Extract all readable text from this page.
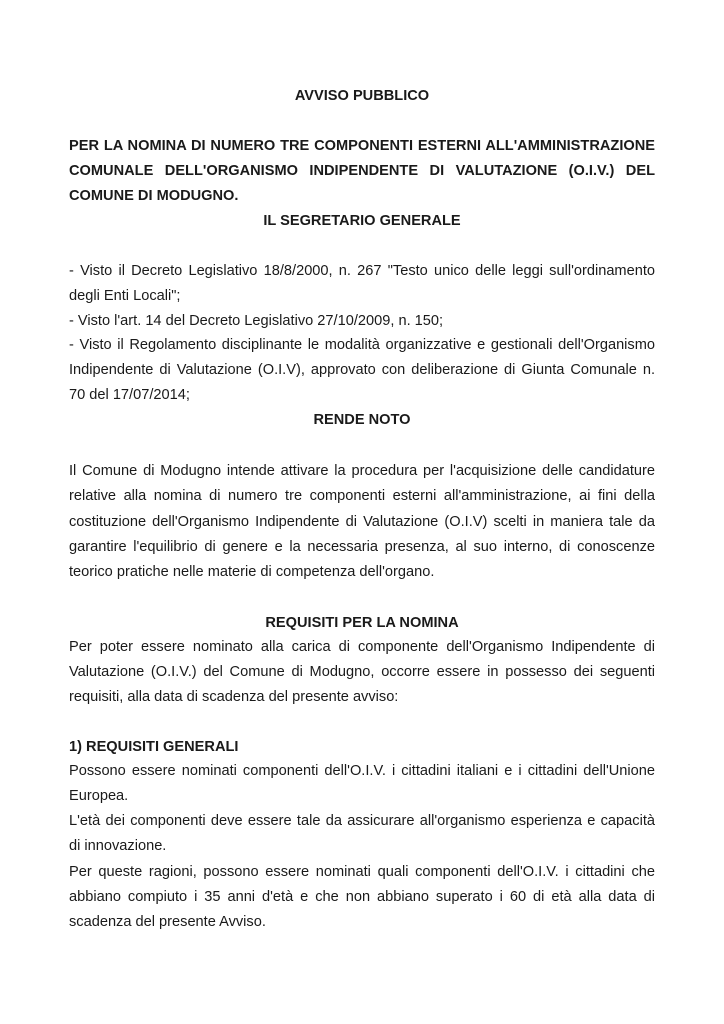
AVVISO PUBBLICO

PER LA NOMINA DI NUMERO TRE COMPONENTI ESTERNI ALL'AMMINISTRAZIONE COMUNALE DELL'ORGANISMO INDIPENDENTE DI VALUTAZIONE (O.I.V.) DEL COMUNE DI MODUGNO.

IL SEGRETARIO GENERALE

- Visto il Decreto Legislativo 18/8/2000, n. 267 "Testo unico delle leggi sull'ordinamento degli Enti Locali";

- Visto l'art. 14 del Decreto Legislativo 27/10/2009, n. 150;

- Visto il Regolamento disciplinante le modalità organizzative e gestionali dell'Organismo Indipendente di Valutazione (O.I.V), approvato con deliberazione di Giunta Comunale n. 70 del 17/07/2014;

RENDE NOTO

Il Comune di Modugno intende attivare la procedura per l'acquisizione delle candidature relative alla nomina di numero tre componenti esterni all'amministrazione, ai fini della costituzione dell'Organismo Indipendente di Valutazione (O.I.V) scelti in maniera tale da garantire l'equilibrio di genere e la necessaria presenza, al suo interno, di conoscenze teorico pratiche nelle materie di competenza dell'organo.

REQUISITI PER LA NOMINA

Per poter essere nominato alla carica di componente dell'Organismo Indipendente di Valutazione (O.I.V.) del Comune di Modugno, occorre essere in possesso dei seguenti requisiti, alla data di scadenza del presente avviso:

1) REQUISITI GENERALI

Possono essere nominati componenti dell'O.I.V. i cittadini italiani e i cittadini dell'Unione Europea.

L'età dei componenti deve essere tale da assicurare all'organismo esperienza e capacità di innovazione.

Per queste ragioni, possono essere nominati quali componenti dell'O.I.V. i cittadini che abbiano compiuto i 35 anni d'età e che non abbiano superato i 60 di età alla data di scadenza del presente Avviso.
